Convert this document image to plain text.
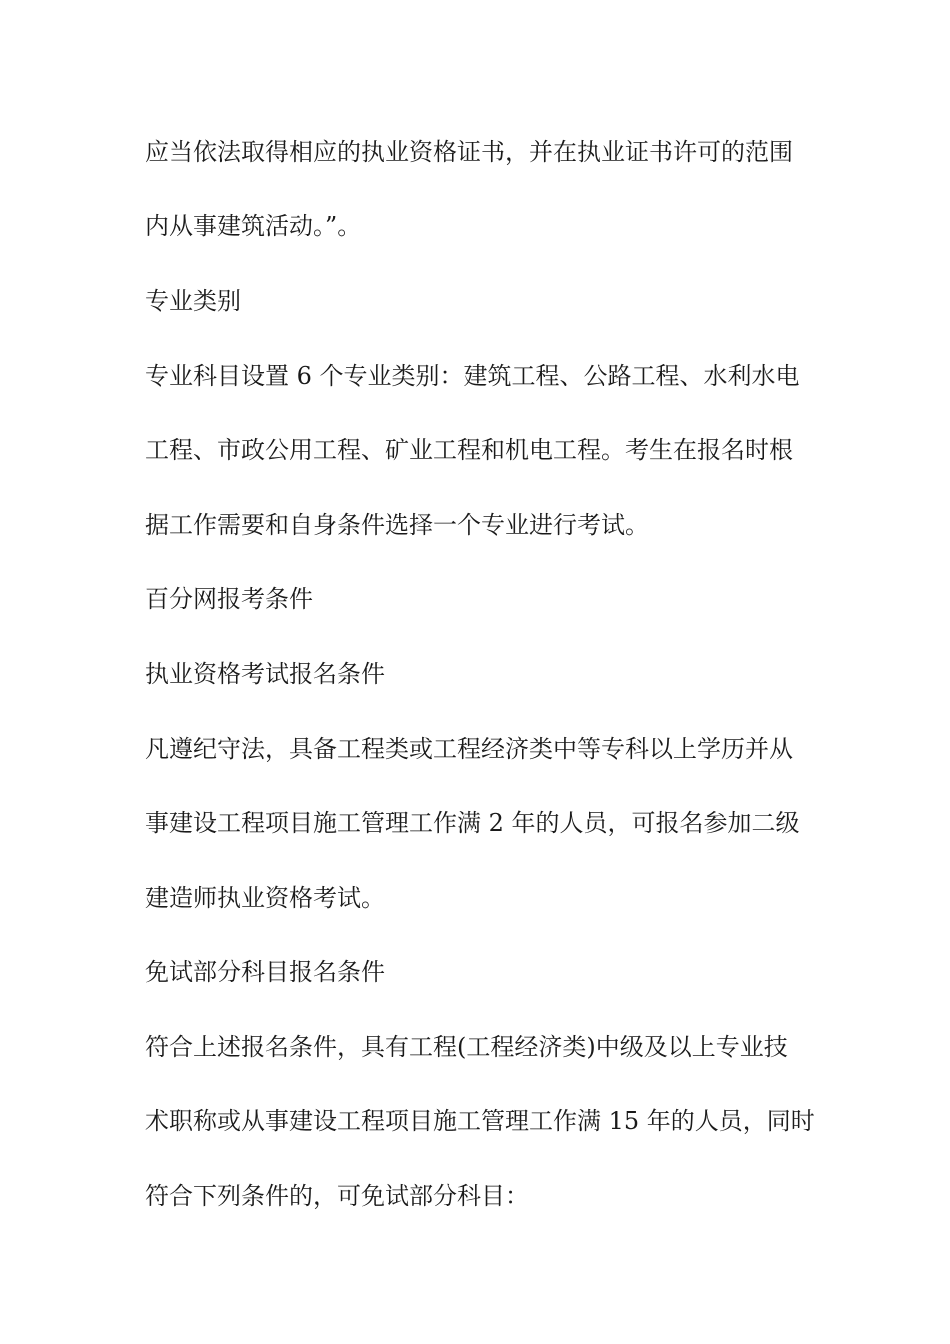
应当依法取得相应的执业资格证书，并在执业证书许可的范围

内从事建筑活动。”。

专业类别

专业科目设置 6 个专业类别：建筑工程、公路工程、水利水电

工程、市政公用工程、矿业工程和机电工程。考生在报名时根

据工作需要和自身条件选择一个专业进行考试。

百分网报考条件

执业资格考试报名条件

凡遵纪守法，具备工程类或工程经济类中等专科以上学历并从

事建设工程项目施工管理工作满 2 年的人员，可报名参加二级

建造师执业资格考试。

免试部分科目报名条件

符合上述报名条件，具有工程(工程经济类)中级及以上专业技

术职称或从事建设工程项目施工管理工作满 15 年的人员，同时

符合下列条件的，可免试部分科目：
